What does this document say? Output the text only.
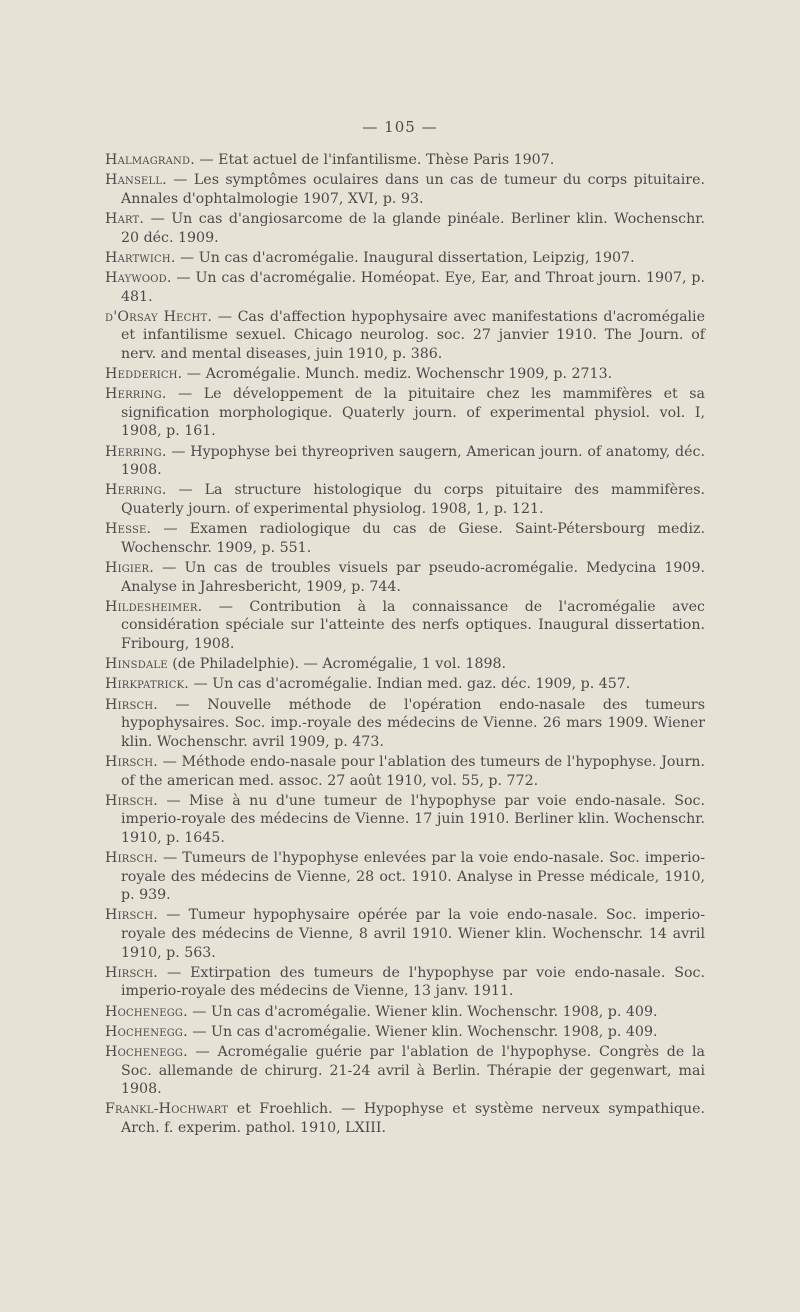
— 105 —

Halmagrand. — Etat actuel de l'infantilisme. Thèse Paris 1907.

Hansell. — Les symptômes oculaires dans un cas de tumeur du corps pituitaire. Annales d'ophtalmologie 1907, XVI, p. 93.

Hart. — Un cas d'angiosarcome de la glande pinéale. Berliner klin. Wochenschr. 20 déc. 1909.

Hartwich. — Un cas d'acromégalie. Inaugural dissertation, Leipzig, 1907.

Haywood. — Un cas d'acromégalie. Homéopat. Eye, Ear, and Throat journ. 1907, p. 481.

d'Orsay Hecht. — Cas d'affection hypophysaire avec manifestations d'acromégalie et infantilisme sexuel. Chicago neurolog. soc. 27 janvier 1910. The Journ. of nerv. and mental diseases, juin 1910, p. 386.

Hedderich. — Acromégalie. Munch. mediz. Wochenschr 1909, p. 2713.

Herring. — Le développement de la pituitaire chez les mammifères et sa signification morphologique. Quaterly journ. of experimental physiol. vol. I, 1908, p. 161.

Herring. — Hypophyse bei thyreopriven saugern, American journ. of anatomy, déc. 1908.

Herring. — La structure histologique du corps pituitaire des mammifères. Quaterly journ. of experimental physiolog. 1908, 1, p. 121.

Hesse. — Examen radiologique du cas de Giese. Saint-Pétersbourg mediz. Wochenschr. 1909, p. 551.

Higier. — Un cas de troubles visuels par pseudo-acromégalie. Medycina 1909. Analyse in Jahresbericht, 1909, p. 744.

Hildesheimer. — Contribution à la connaissance de l'acromégalie avec considération spéciale sur l'atteinte des nerfs optiques. Inaugural dissertation. Fribourg, 1908.

Hinsdale (de Philadelphie). — Acromégalie, 1 vol. 1898.

Hirkpatrick. — Un cas d'acromégalie. Indian med. gaz. déc. 1909, p. 457.

Hirsch. — Nouvelle méthode de l'opération endo-nasale des tumeurs hypophysaires. Soc. imp.-royale des médecins de Vienne. 26 mars 1909. Wiener klin. Wochenschr. avril 1909, p. 473.

Hirsch. — Méthode endo-nasale pour l'ablation des tumeurs de l'hypophyse. Journ. of the american med. assoc. 27 août 1910, vol. 55, p. 772.

Hirsch. — Mise à nu d'une tumeur de l'hypophyse par voie endo-nasale. Soc. imperio-royale des médecins de Vienne. 17 juin 1910. Berliner klin. Wochenschr. 1910, p. 1645.

Hirsch. — Tumeurs de l'hypophyse enlevées par la voie endo-nasale. Soc. imperio-royale des médecins de Vienne, 28 oct. 1910. Analyse in Presse médicale, 1910, p. 939.

Hirsch. — Tumeur hypophysaire opérée par la voie endo-nasale. Soc. imperio-royale des médecins de Vienne, 8 avril 1910. Wiener klin. Wochenschr. 14 avril 1910, p. 563.

Hirsch. — Extirpation des tumeurs de l'hypophyse par voie endo-nasale. Soc. imperio-royale des médecins de Vienne, 13 janv. 1911.

Hochenegg. — Un cas d'acromégalie. Wiener klin. Wochenschr. 1908, p. 409.

Hochenegg. — Un cas d'acromégalie. Wiener klin. Wochenschr. 1908, p. 409.

Hochenegg. — Acromégalie guérie par l'ablation de l'hypophyse. Congrès de la Soc. allemande de chirurg. 21-24 avril à Berlin. Thérapie der gegenwart, mai 1908.

Frankl-Hochwart et Froehlich. — Hypophyse et système nerveux sympathique. Arch. f. experim. pathol. 1910, LXIII.
